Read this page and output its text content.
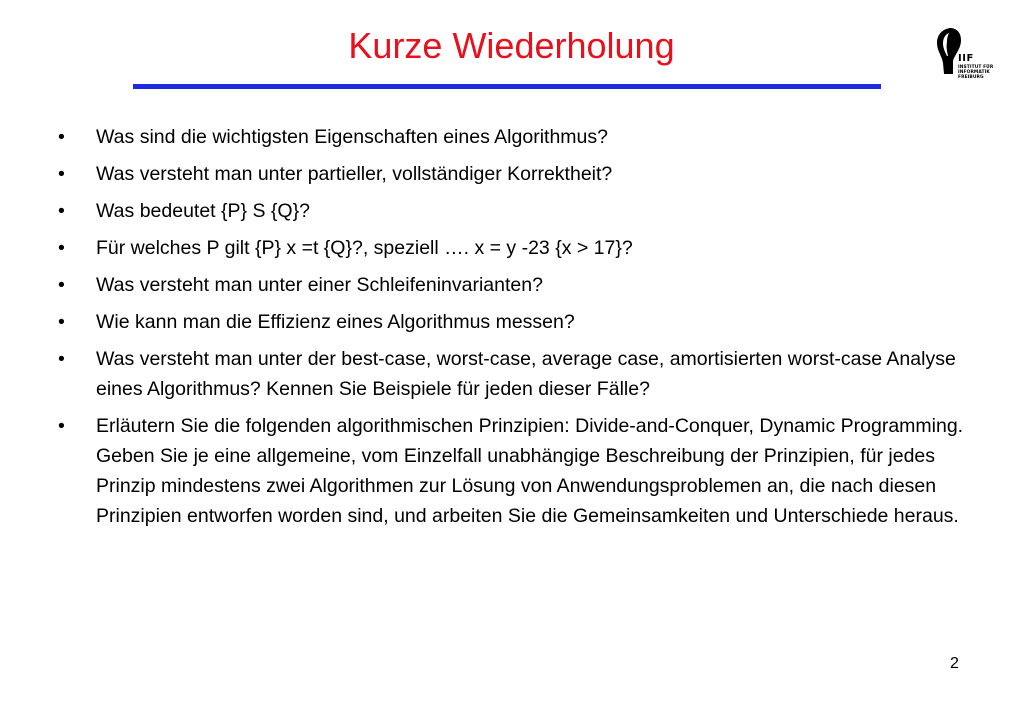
Kurze Wiederholung	IIF
INSTITUT FÜR
INFORMATIK
FREIBURG
•	Was sind die wichtigsten Eigenschaften eines Algorithmus?
•	Was versteht man unter partieller, vollständiger Korrektheit?
•	Was bedeutet {P} S {Q}?
•	Für welches P gilt {P} x =t {Q}?, speziell …. x = y -23 {x > 17}?
•	Was versteht man unter einer Schleifeninvarianten?
•	Wie kann man die Effizienz eines Algorithmus messen?
•	Was versteht man unter der best-case, worst-case, average case, amortisierten worst-case Analyse eines Algorithmus? Kennen Sie Beispiele für jeden dieser Fälle?
•	Erläutern Sie die folgenden algorithmischen Prinzipien: Divide-and-Conquer, Dynamic Programming. Geben Sie je eine allgemeine, vom Einzelfall unabhängige Beschreibung der Prinzipien, für jedes Prinzip mindestens zwei Algorithmen zur Lösung von Anwendungsproblemen an, die nach diesen Prinzipien entworfen worden sind, und arbeiten Sie die Gemeinsamkeiten und Unterschiede heraus.
2
